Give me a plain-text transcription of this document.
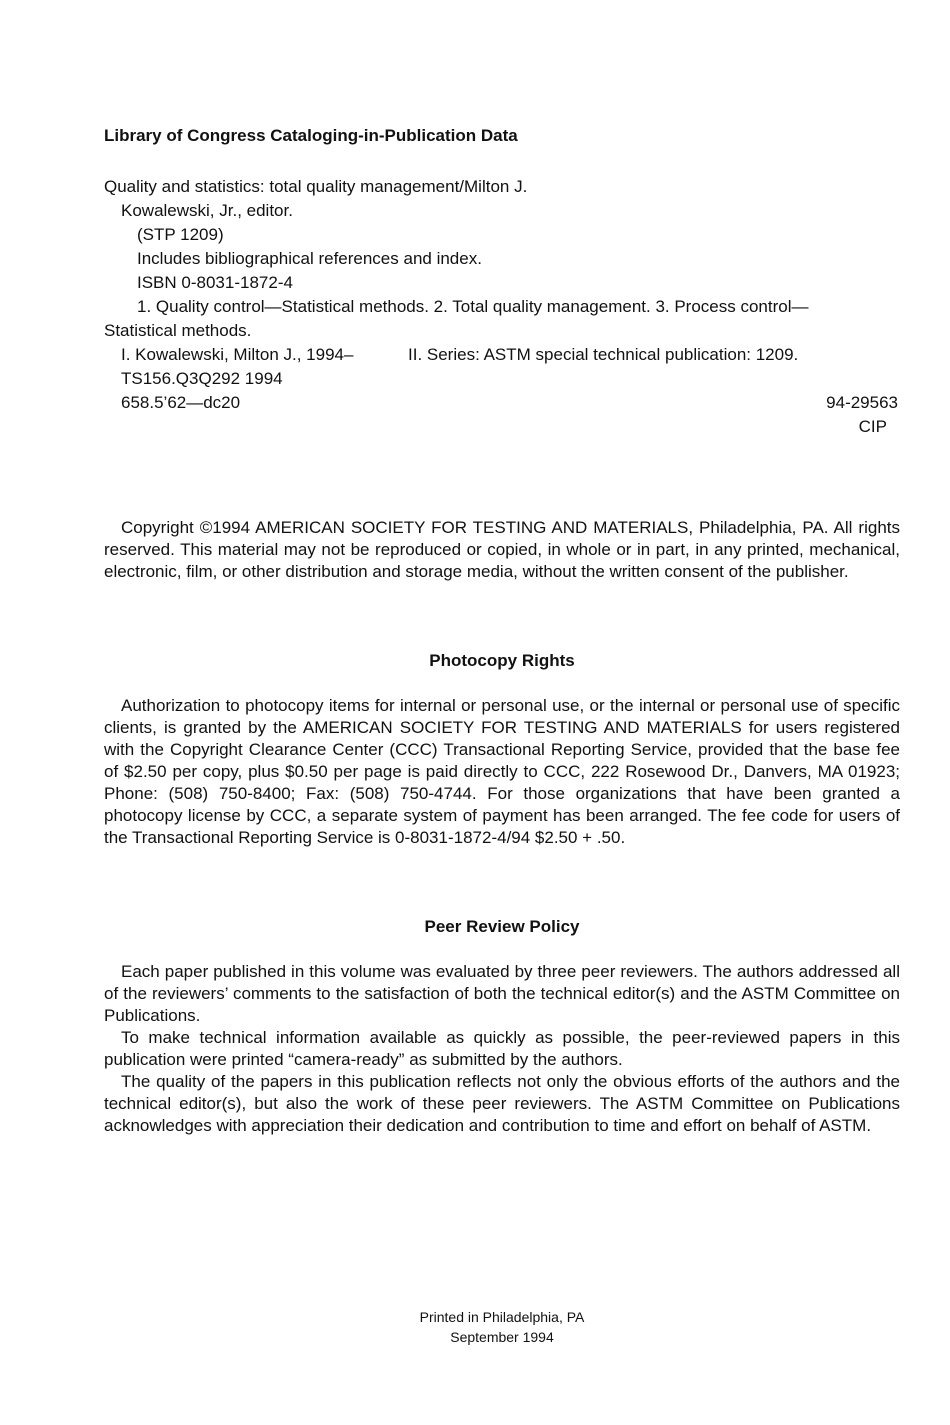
Library of Congress Cataloging-in-Publication Data
Quality and statistics: total quality management/Milton J.
Kowalewski, Jr., editor.
(STP 1209)
Includes bibliographical references and index.
ISBN 0-8031-1872-4
1. Quality control—Statistical methods. 2. Total quality management. 3. Process control—
Statistical methods.
I. Kowalewski, Milton J., 1994–	II. Series: ASTM special technical publication: 1209.
TS156.Q3Q292 1994
658.5’62—dc20	94-29563
CIP
Copyright ©1994 AMERICAN SOCIETY FOR TESTING AND MATERIALS, Philadelphia, PA. All rights reserved. This material may not be reproduced or copied, in whole or in part, in any printed, mechanical, electronic, film, or other distribution and storage media, without the written consent of the publisher.
Photocopy Rights
Authorization to photocopy items for internal or personal use, or the internal or personal use of specific clients, is granted by the AMERICAN SOCIETY FOR TESTING AND MATERIALS for users registered with the Copyright Clearance Center (CCC) Transactional Reporting Service, provided that the base fee of $2.50 per copy, plus $0.50 per page is paid directly to CCC, 222 Rosewood Dr., Danvers, MA 01923; Phone: (508) 750-8400; Fax: (508) 750-4744. For those organizations that have been granted a photocopy license by CCC, a separate system of payment has been arranged. The fee code for users of the Transactional Reporting Service is 0-8031-1872-4/94 $2.50 + .50.
Peer Review Policy
Each paper published in this volume was evaluated by three peer reviewers. The authors addressed all of the reviewers’ comments to the satisfaction of both the technical editor(s) and the ASTM Committee on Publications.
To make technical information available as quickly as possible, the peer-reviewed papers in this publication were printed “camera-ready” as submitted by the authors.
The quality of the papers in this publication reflects not only the obvious efforts of the authors and the technical editor(s), but also the work of these peer reviewers. The ASTM Committee on Publications acknowledges with appreciation their dedication and contribution to time and effort on behalf of ASTM.
Printed in Philadelphia, PA
September 1994
